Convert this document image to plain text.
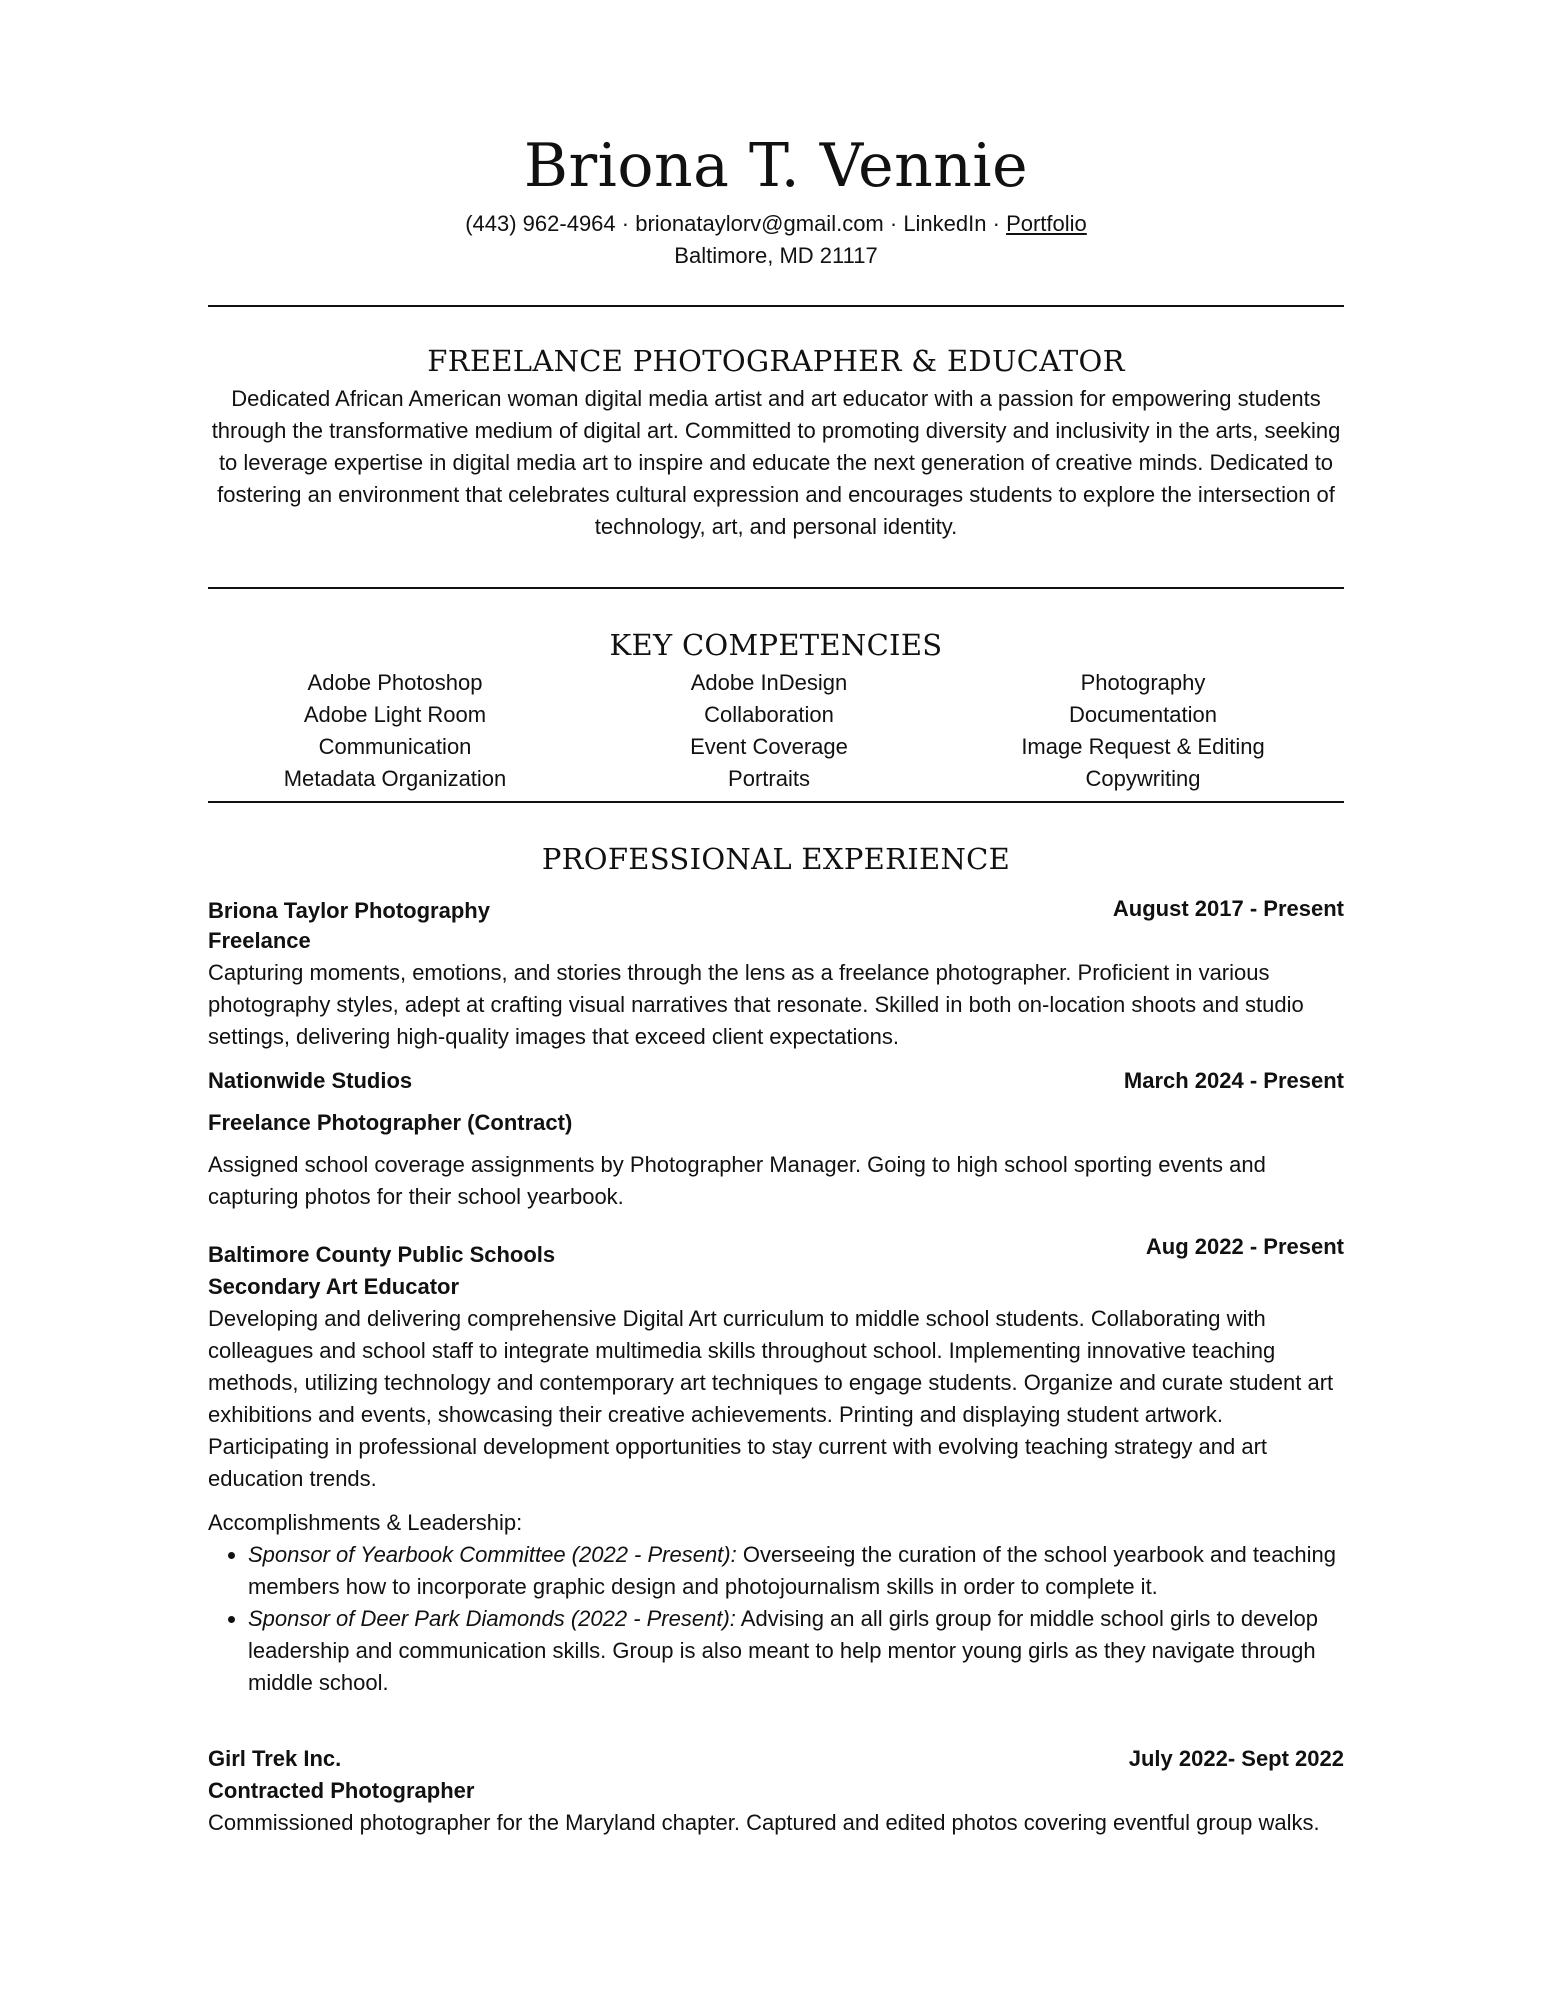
Briona T. Vennie
(443) 962-4964 · brionataylorv@gmail.com · LinkedIn · Portfolio
Baltimore, MD 21117
FREELANCE PHOTOGRAPHER & EDUCATOR

Dedicated African American woman digital media artist and art educator with a passion for empowering students through the transformative medium of digital art. Committed to promoting diversity and inclusivity in the arts, seeking to leverage expertise in digital media art to inspire and educate the next generation of creative minds. Dedicated to fostering an environment that celebrates cultural expression and encourages students to explore the intersection of technology, art, and personal identity.

KEY COMPETENCIES
Adobe Photoshop	Adobe InDesign	Photography
Adobe Light Room	Collaboration	Documentation
Communication	Event Coverage	Image Request & Editing
Metadata Organization	Portraits	Copywriting
PROFESSIONAL EXPERIENCE
Briona Taylor Photography	August 2017 - Present
Freelance

Capturing moments, emotions, and stories through the lens as a freelance photographer. Proficient in various photography styles, adept at crafting visual narratives that resonate. Skilled in both on-location shoots and studio settings, delivering high-quality images that exceed client expectations.

Nationwide Studios	March 2024 - Present
Freelance Photographer (Contract)

Assigned school coverage assignments by Photographer Manager. Going to high school sporting events and capturing photos for their school yearbook.

Baltimore County Public Schools	Aug 2022 - Present
Secondary Art Educator

Developing and delivering comprehensive Digital Art curriculum to middle school students. Collaborating with colleagues and school staff to integrate multimedia skills throughout school. Implementing innovative teaching methods, utilizing technology and contemporary art techniques to engage students. Organize and curate student art exhibitions and events, showcasing their creative achievements. Printing and displaying student artwork. Participating in professional development opportunities to stay current with evolving teaching strategy and art education trends.

Accomplishments & Leadership:
• Sponsor of Yearbook Committee (2022 - Present): Overseeing the curation of the school yearbook and teaching members how to incorporate graphic design and photojournalism skills in order to complete it.
• Sponsor of Deer Park Diamonds (2022 - Present): Advising an all girls group for middle school girls to develop leadership and communication skills. Group is also meant to help mentor young girls as they navigate through middle school.
Girl Trek Inc.	July 2022- Sept 2022
Contracted Photographer

Commissioned photographer for the Maryland chapter. Captured and edited photos covering eventful group walks.
